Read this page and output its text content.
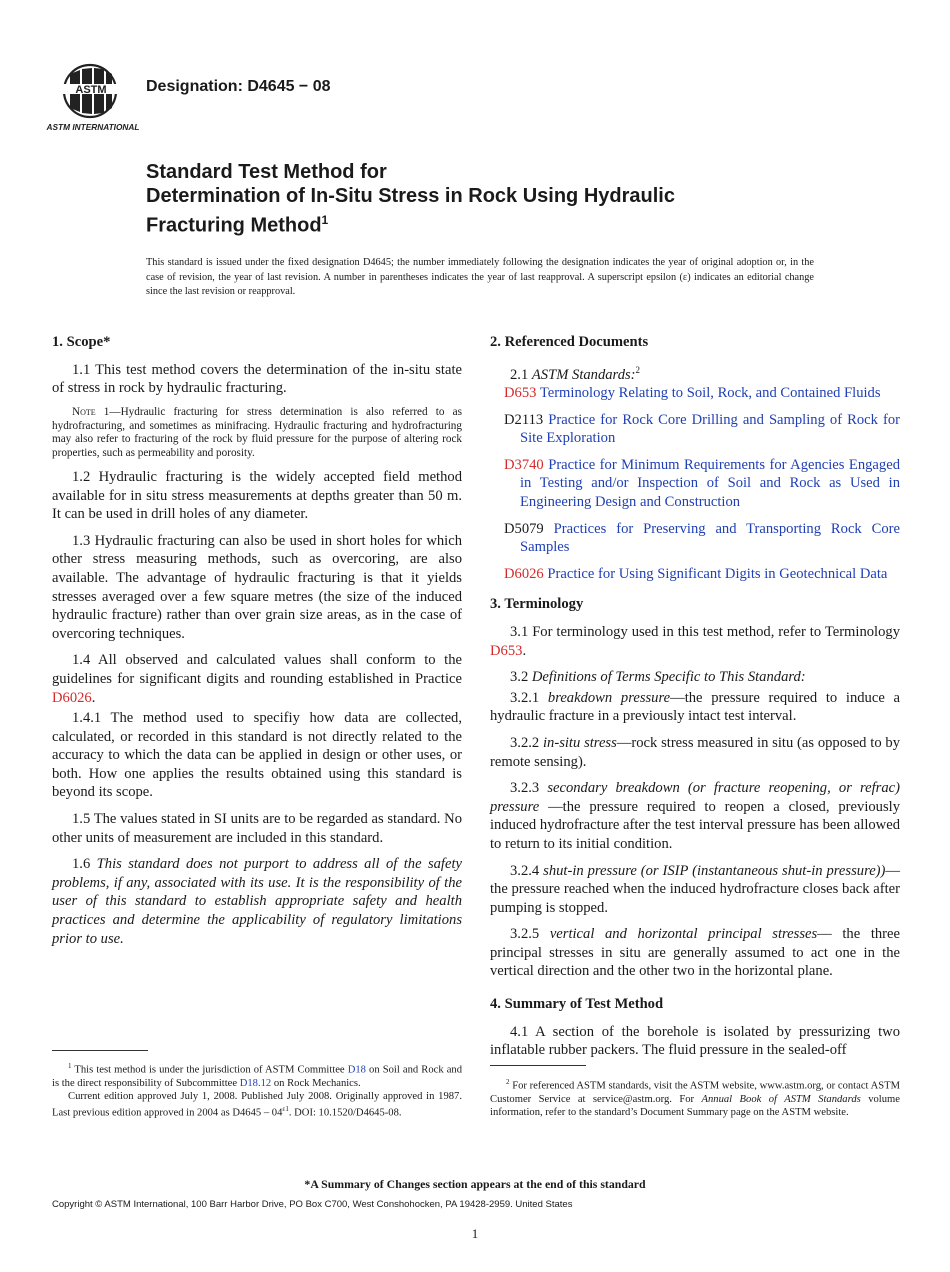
ASTM
ASTM INTERNATIONAL
Designation: D4645 − 08
Standard Test Method for
Determination of In-Situ Stress in Rock Using Hydraulic
Fracturing Method$^1$
This standard is issued under the fixed designation D4645; the number immediately following the designation indicates the year of original adoption or, in the case of revision, the year of last revision. A number in parentheses indicates the year of last reapproval. A superscript epsilon (ε) indicates an editorial change since the last revision or reapproval.
1. Scope*

1.1 This test method covers the determination of the in-situ state of stress in rock by hydraulic fracturing.

Note 1—Hydraulic fracturing for stress determination is also referred to as hydrofracturing, and sometimes as minifracing. Hydraulic fracturing and hydrofracturing may also refer to fracturing of the rock by fluid pressure for the purpose of altering rock properties, such as permeability and porosity.

1.2 Hydraulic fracturing is the widely accepted field method available for in situ stress measurements at depths greater than 50 m. It can be used in drill holes of any diameter.

1.3 Hydraulic fracturing can also be used in short holes for which other stress measuring methods, such as overcoring, are also available. The advantage of hydraulic fracturing is that it yields stresses averaged over a few square metres (the size of the induced hydraulic fracture) rather than over grain size areas, as in the case of overcoring techniques.

1.4 All observed and calculated values shall conform to the guidelines for significant digits and rounding established in Practice D6026.

1.4.1 The method used to specifiy how data are collected, calculated, or recorded in this standard is not directly related to the accuracy to which the data can be applied in design or other uses, or both. How one applies the results obtained using this standard is beyond its scope.

1.5 The values stated in SI units are to be regarded as standard. No other units of measurement are included in this standard.

1.6 This standard does not purport to address all of the safety problems, if any, associated with its use. It is the responsibility of the user of this standard to establish appropriate safety and health practices and determine the applicability of regulatory limitations prior to use.

$^1$ This test method is under the jurisdiction of ASTM Committee D18 on Soil and Rock and is the direct responsibility of Subcommittee D18.12 on Rock Mechanics.

Current edition approved July 1, 2008. Published July 2008. Originally approved in 1987. Last previous edition approved in 2004 as $D4645 - 04^{\varepsilon 1}$. DOI: 10.1520/D4645-08.

2. Referenced Documents

2.1 ASTM Standards:$^2$

D653 Terminology Relating to Soil, Rock, and Contained Fluids

D2113 Practice for Rock Core Drilling and Sampling of Rock for Site Exploration

D3740 Practice for Minimum Requirements for Agencies Engaged in Testing and/or Inspection of Soil and Rock as Used in Engineering Design and Construction

D5079 Practices for Preserving and Transporting Rock Core Samples

D6026 Practice for Using Significant Digits in Geotechnical Data

3. Terminology

3.1 For terminology used in this test method, refer to Terminology D653.

3.2 Definitions of Terms Specific to This Standard:

3.2.1 breakdown pressure—the pressure required to induce a hydraulic fracture in a previously intact test interval.

3.2.2 in-situ stress—rock stress measured in situ (as opposed to by remote sensing).

3.2.3 secondary breakdown (or fracture reopening, or refrac) pressure —the pressure required to reopen a closed, previously induced hydrofracture after the test interval pressure has been allowed to return to its initial condition.

3.2.4 shut-in pressure (or ISIP (instantaneous shut-in pressure))—the pressure reached when the induced hydrofracture closes back after pumping is stopped.

3.2.5 vertical and horizontal principal stresses— the three principal stresses in situ are generally assumed to act one in the vertical direction and the other two in the horizontal plane.

4. Summary of Test Method

4.1 A section of the borehole is isolated by pressurizing two inflatable rubber packers. The fluid pressure in the sealed-off

$^2$ For referenced ASTM standards, visit the ASTM website, www.astm.org, or contact ASTM Customer Service at service@astm.org. For Annual Book of ASTM Standards volume information, refer to the standard’s Document Summary page on the ASTM website.

*A Summary of Changes section appears at the end of this standard
Copyright © ASTM International, 100 Barr Harbor Drive, PO Box C700, West Conshohocken, PA 19428-2959. United States
1
